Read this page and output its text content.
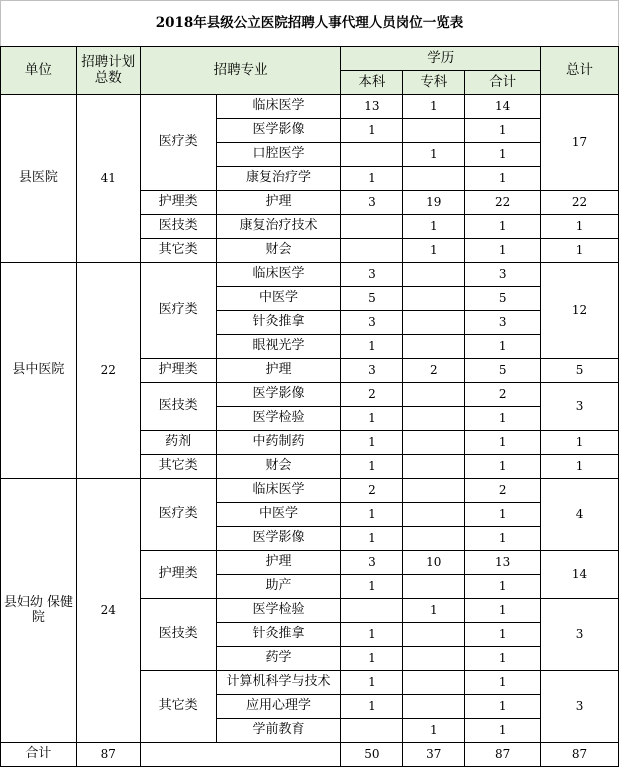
2018年县级公立医院招聘人事代理人员岗位一览表							
单位	招聘计划总数	招聘专业		学历			总计
				本科	专科	合计	
县医院	41	医疗类	临床医学	13	1	14	17
			医学影像	1		1	
			口腔医学		1	1	
			康复治疗学	1		1	
		护理类	护理	3	19	22	22
		医技类	康复治疗技术		1	1	1
		其它类	财会		1	1	1
县中医院	22	医疗类	临床医学	3		3	12
			中医学	5		5	
			针灸推拿	3		3	
			眼视光学	1		1	
		护理类	护理	3	2	5	5
		医技类	医学影像	2		2	3
			医学检验	1		1	
		药剂	中药制药	1		1	1
		其它类	财会	1		1	1
县妇幼 保健院	24	医疗类	临床医学	2		2	4
			中医学	1		1	
			医学影像	1		1	
		护理类	护理	3	10	13	14
			助产	1		1	
		医技类	医学检验		1	1	3
			针灸推拿	1		1	
			药学	1		1	
		其它类	计算机科学与技术	1		1	3
			应用心理学	1		1	
			学前教育		1	1	
合计	87			50	37	87	87
